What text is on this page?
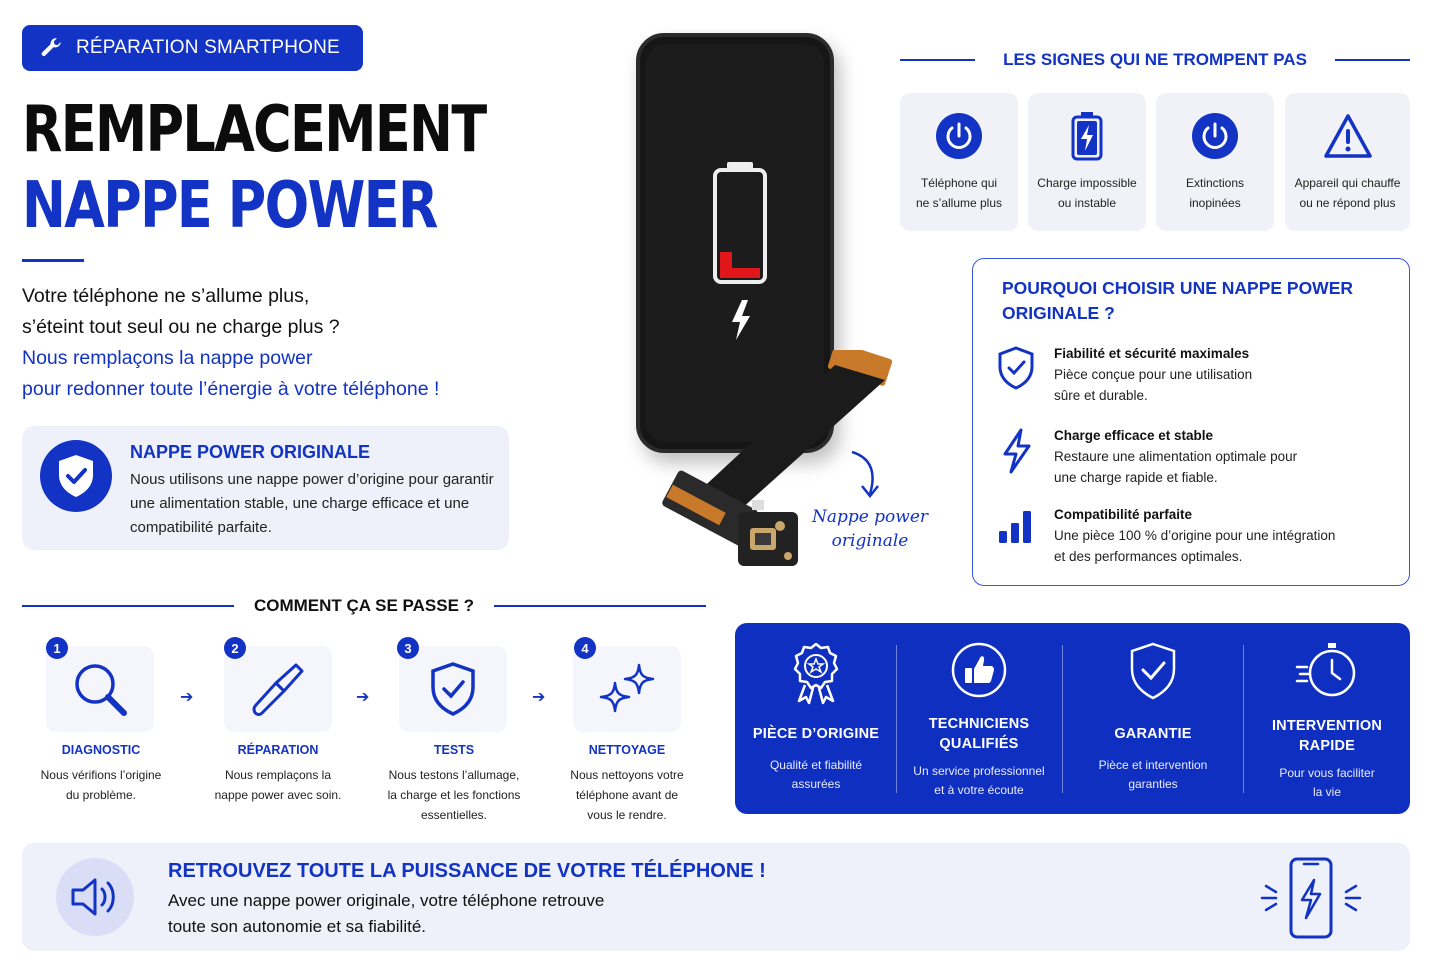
RÉPARATION SMARTPHONE
REMPLACEMENT
NAPPE POWER
Votre téléphone ne s’allume plus,
s’éteint tout seul ou ne charge plus ?
Nous remplaçons la nappe power
pour redonner toute l’énergie à votre téléphone !
NAPPE POWER ORIGINALE
Nous utilisons une nappe power d’origine pour garantir une alimentation stable, une charge efficace et une compatibilité parfaite.
Nappe power
originale
LES SIGNES QUI NE TROMPENT PAS
Téléphone qui
ne s’allume plus
Charge impossible
ou instable
Extinctions
inopinées
Appareil qui chauffe
ou ne répond plus
POURQUOI CHOISIR UNE NAPPE POWER ORIGINALE ?
Fiabilité et sécurité maximales
Pièce conçue pour une utilisation
sûre et durable.
Charge efficace et stable
Restaure une alimentation optimale pour
une charge rapide et fiable.
Compatibilité parfaite
Une pièce 100 % d’origine pour une intégration
et des performances optimales.
COMMENT ÇA SE PASSE ?
1
DIAGNOSTIC
Nous vérifions l’origine
du problème.
➔
2
RÉPARATION
Nous remplaçons la
nappe power avec soin.
➔
3
TESTS
Nous testons l’allumage,
la charge et les fonctions
essentielles.
➔
4
NETTOYAGE
Nous nettoyons votre
téléphone avant de
vous le rendre.
PIÈCE D’ORIGINE
Qualité et fiabilité
assurées
TECHNICIENS
QUALIFIÉS
Un service professionnel
et à votre écoute
GARANTIE
Pièce et intervention
garanties
INTERVENTION
RAPIDE
Pour vous faciliter
la vie
RETROUVEZ TOUTE LA PUISSANCE DE VOTRE TÉLÉPHONE !
Avec une nappe power originale, votre téléphone retrouve
toute son autonomie et sa fiabilité.
